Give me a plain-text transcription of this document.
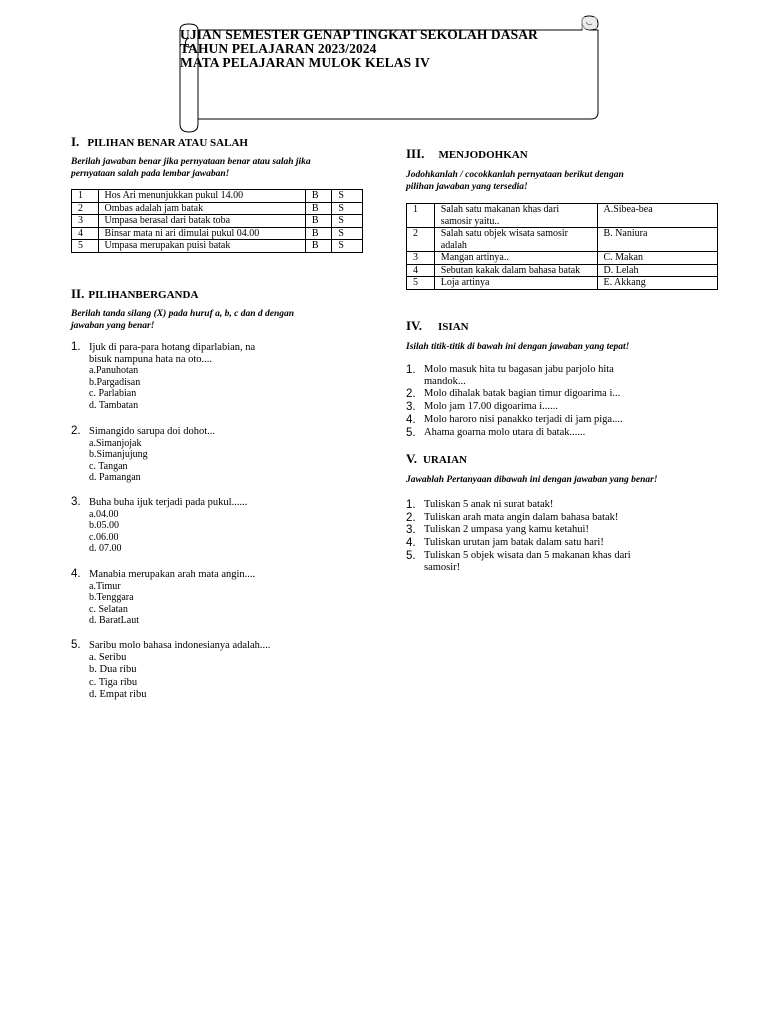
UJIAN SEMESTER GENAP TINGKAT SEKOLAH DASAR
TAHUN PELAJARAN 2023/2024
MATA PELAJARAN MULOK KELAS IV
I. PILIHAN BENAR ATAU SALAH
Berilah jawaban benar jika pernyataan benar atau salah jika
pernyataan salah pada lembar jawaban!
1	Hos Ari menunjukkan pukul 14.00	B	S
2	Ombas adalah jam batak	B	S
3	Umpasa berasal dari batak toba	B	S
4	Binsar mata ni ari dimulai pukul 04.00	B	S
5	Umpasa merupakan puisi batak	B	S
II. PILIHANBERGANDA
Berilah tanda silang (X) pada huruf a, b, c dan d dengan
jawaban yang benar!
1. Ijuk di para-para hotang diparlabian, na
bisuk nampuna hata na oto....
a.Panuhotan
b.Pargadisan
c. Parlabian
d. Tambatan
2. Simangido sarupa doi dohot...
a.Simanjojak
b.Simanjujung
c. Tangan
d. Pamangan
3. Buha buha ijuk terjadi pada pukul......
a.04.00
b.05.00
c.06.00
d. 07.00
4. Manabia merupakan arah mata angin....
a.Timur
b.Tenggara
c. Selatan
d. BaratLaut
5. Saribu molo bahasa indonesianya adalah....
a. Seribu
b. Dua ribu
c. Tiga ribu
d. Empat ribu
III. MENJODOHKAN
Jodohkanlah / cocokkanlah pernyataan berikut dengan
pilihan jawaban yang tersedia!
1	Salah satu makanan khas dari samosir yaitu..	A.Sibea-bea
2	Salah satu objek wisata samosir adalah	B. Naniura
3	Mangan artinya..	C. Makan
4	Sebutan kakak dalam bahasa batak	D. Lelah
5	Loja artinya	E. Akkang
IV. ISIAN
Isilah titik-titik di bawah ini dengan jawaban yang tepat!
1. Molo masuk hita tu bagasan jabu parjolo hita
mandok...
2. Molo dihalak batak bagian timur digoarima i...
3. Molo jam 17.00 digoarima i......
4. Molo haroro nisi panakko terjadi di jam piga....
5. Ahama goarna molo utara di batak......
V. URAIAN
Jawablah Pertanyaan dibawah ini dengan jawaban yang benar!
1. Tuliskan 5 anak ni surat batak!
2. Tuliskan arah mata angin dalam bahasa batak!
3. Tuliskan 2 umpasa yang kamu ketahui!
4. Tuliskan urutan jam batak dalam satu hari!
5. Tuliskan 5 objek wisata dan 5 makanan khas dari
samosir!
